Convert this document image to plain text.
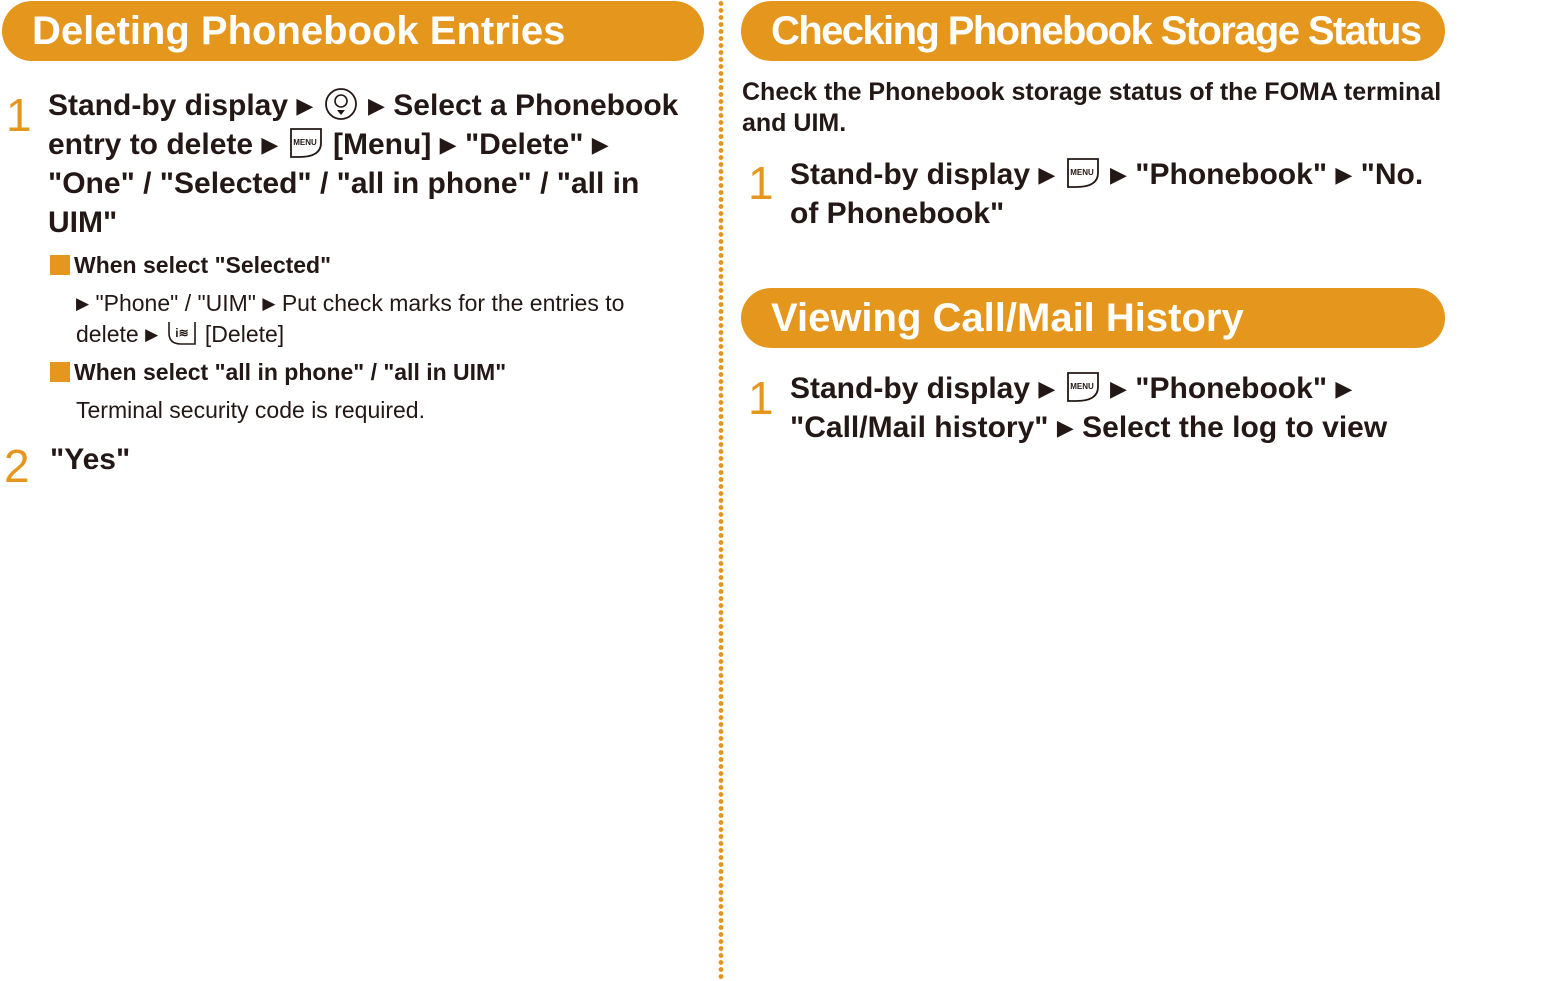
Deleting Phonebook Entries
1 Stand-by display ▶ ▶ Select a Phonebook entry to delete ▶ MENU [Menu] ▶ "Delete" ▶ "One" / "Selected" / "all in phone" / "all in UIM"
When select "Selected"
▶ "Phone" / "UIM" ▶ Put check marks for the entries to delete ▶ i≋ [Delete]
When select "all in phone" / "all in UIM"
Terminal security code is required.
2 "Yes"
Checking Phonebook Storage Status
Check the Phonebook storage status of the FOMA terminal and UIM.
1 Stand-by display ▶ MENU ▶ "Phonebook" ▶ "No. of Phonebook"
Viewing Call/Mail History
1 Stand-by display ▶ MENU ▶ "Phonebook" ▶ "Call/Mail history" ▶ Select the log to view
